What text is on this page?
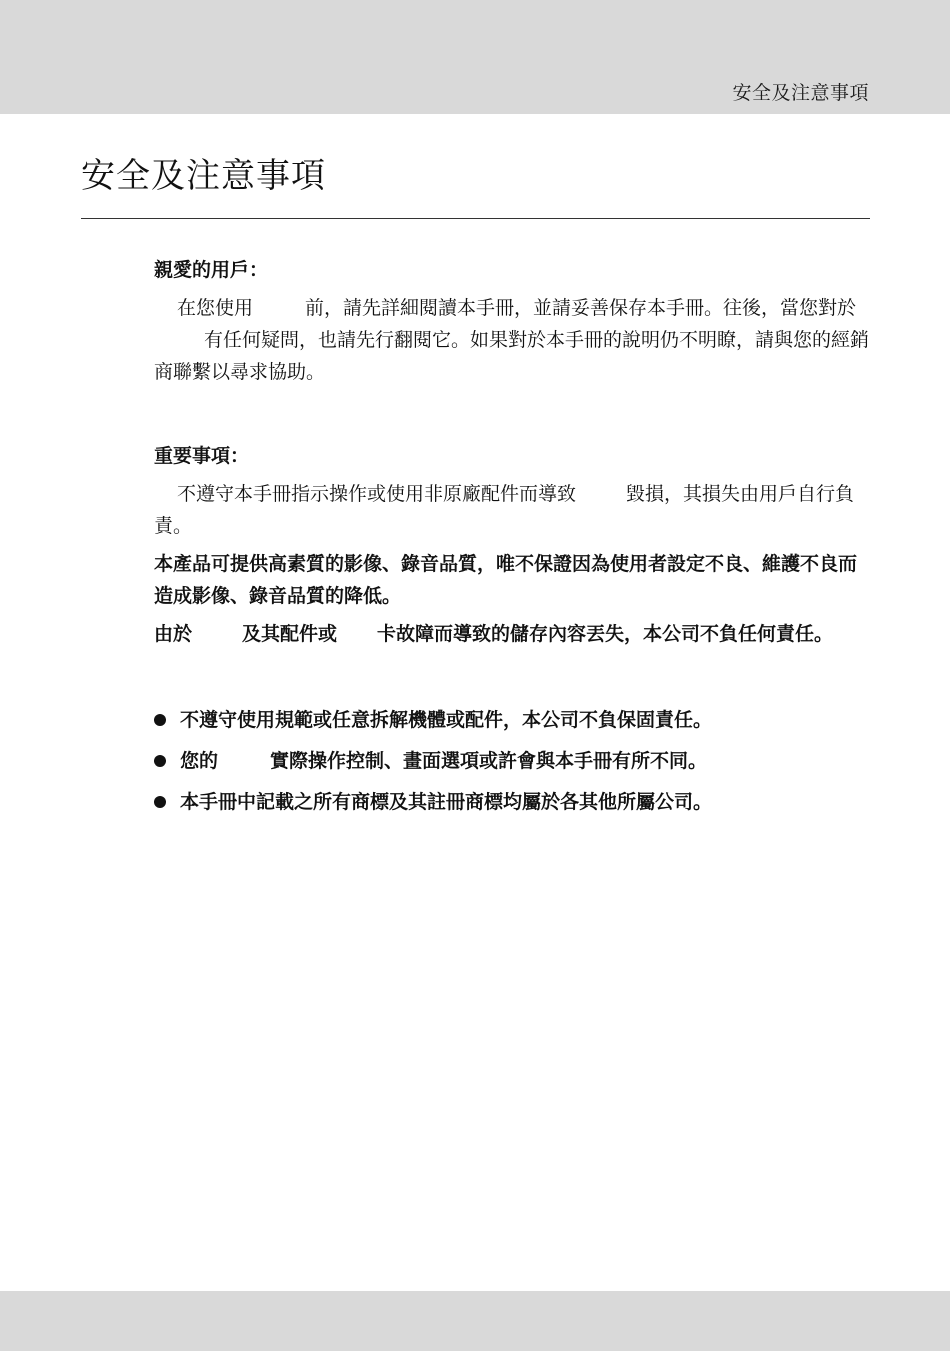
安全及注意事項
安全及注意事項

親愛的用戶：

在您使用	前，請先詳細閱讀本手冊，並請妥善保存本手冊。往後，當您對於有任何疑問，也請先行翻閱它。如果對於本手冊的說明仍不明瞭，請與您的經銷商聯繫以尋求協助。

重要事項：

不遵守本手冊指示操作或使用非原廠配件而導致	毀損，其損失由用戶自行負責。

本產品可提供高素質的影像、錄音品質，唯不保證因為使用者設定不良、維護不良而造成影像、錄音品質的降低。

由於	及其配件或 卡故障而導致的儲存內容丟失，本公司不負任何責任。

不遵守使用規範或任意拆解機體或配件，本公司不負保固責任。
您的	實際操作控制、畫面選項或許會與本手冊有所不同。
本手冊中記載之所有商標及其註冊商標均屬於各其他所屬公司。
